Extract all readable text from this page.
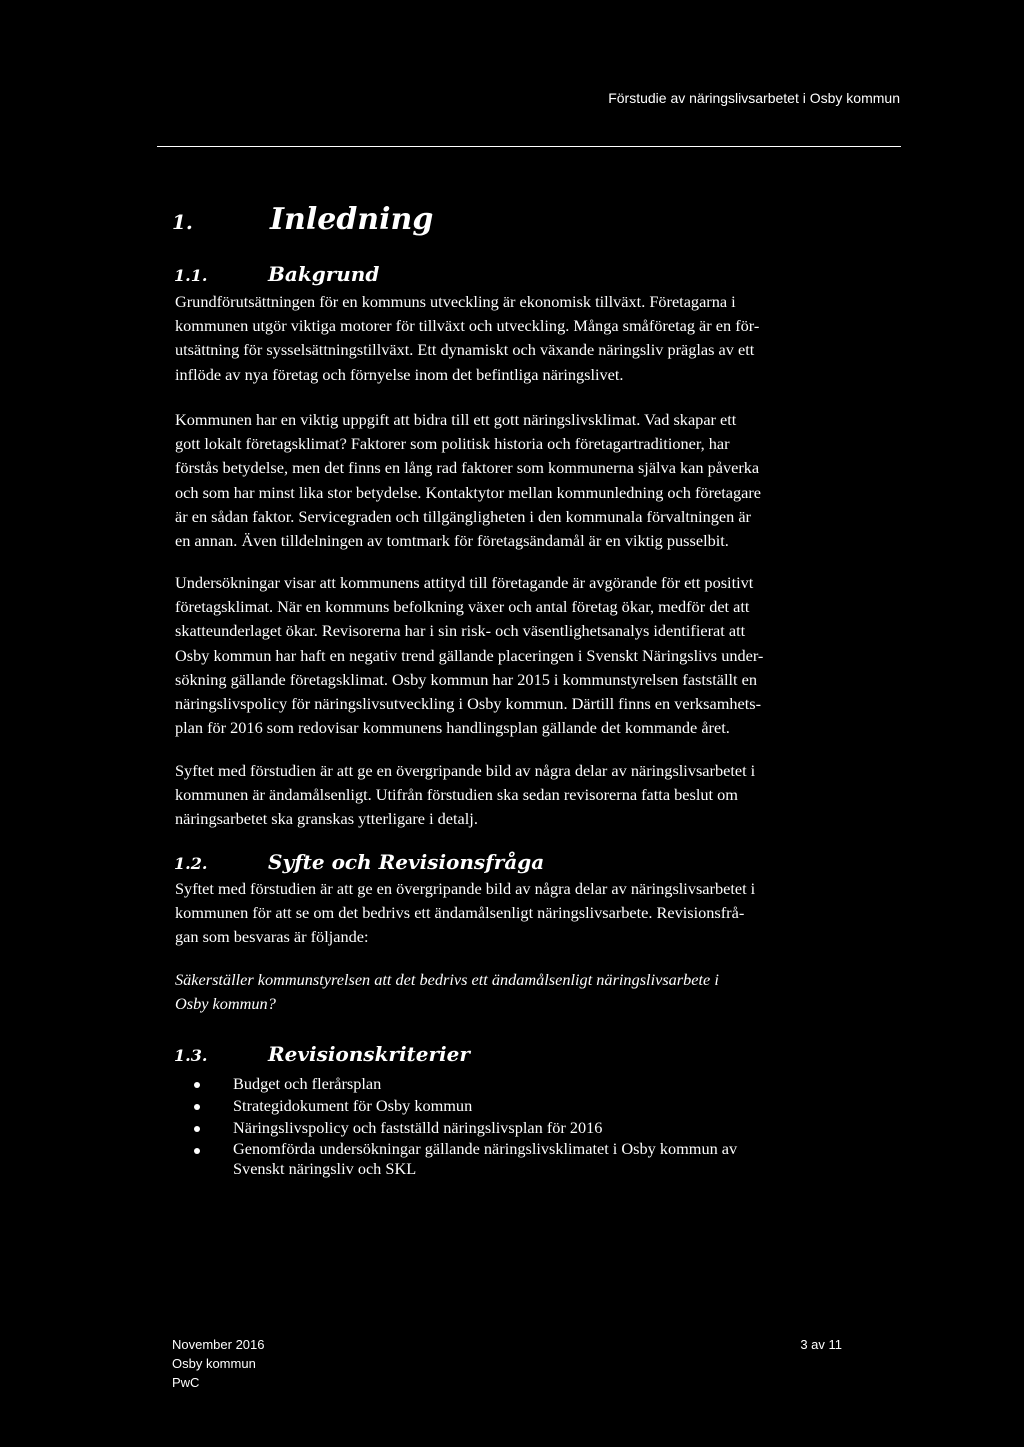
Förstudie av näringslivsarbetet i Osby kommun
1.	Inledning
1.1.	Bakgrund

Grundförutsättningen för en kommuns utveckling är ekonomisk tillväxt. Företagarna i
kommunen utgör viktiga motorer för tillväxt och utveckling. Många småföretag är en för-
utsättning för sysselsättningstillväxt. Ett dynamiskt och växande näringsliv präglas av ett
inflöde av nya företag och förnyelse inom det befintliga näringslivet.

Kommunen har en viktig uppgift att bidra till ett gott näringslivsklimat. Vad skapar ett
gott lokalt företagsklimat? Faktorer som politisk historia och företagartraditioner, har
förstås betydelse, men det finns en lång rad faktorer som kommunerna själva kan påverka
och som har minst lika stor betydelse. Kontaktytor mellan kommunledning och företagare
är en sådan faktor. Servicegraden och tillgängligheten i den kommunala förvaltningen är
en annan. Även tilldelningen av tomtmark för företagsändamål är en viktig pusselbit.

Undersökningar visar att kommunens attityd till företagande är avgörande för ett positivt
företagsklimat. När en kommuns befolkning växer och antal företag ökar, medför det att
skatteunderlaget ökar. Revisorerna har i sin risk- och väsentlighetsanalys identifierat att
Osby kommun har haft en negativ trend gällande placeringen i Svenskt Näringslivs under-
sökning gällande företagsklimat. Osby kommun har 2015 i kommunstyrelsen fastställt en
näringslivspolicy för näringslivsutveckling i Osby kommun. Därtill finns en verksamhets-
plan för 2016 som redovisar kommunens handlingsplan gällande det kommande året.

Syftet med förstudien är att ge en övergripande bild av några delar av näringslivsarbetet i
kommunen är ändamålsenligt. Utifrån förstudien ska sedan revisorerna fatta beslut om
näringsarbetet ska granskas ytterligare i detalj.

1.2.	Syfte och Revisionsfråga

Syftet med förstudien är att ge en övergripande bild av några delar av näringslivsarbetet i
kommunen för att se om det bedrivs ett ändamålsenligt näringslivsarbete. Revisionsfrå-
gan som besvaras är följande:

Säkerställer kommunstyrelsen att det bedrivs ett ändamålsenligt näringslivsarbete i
Osby kommun?

1.3.	Revisionskriterier
Budget och flerårsplan
Strategidokument för Osby kommun
Näringslivspolicy och fastställd näringslivsplan för 2016
Genomförda undersökningar gällande näringslivsklimatet i Osby kommun av
Svenskt näringsliv och SKL
November 2016
Osby kommun
PwC
3 av 11
